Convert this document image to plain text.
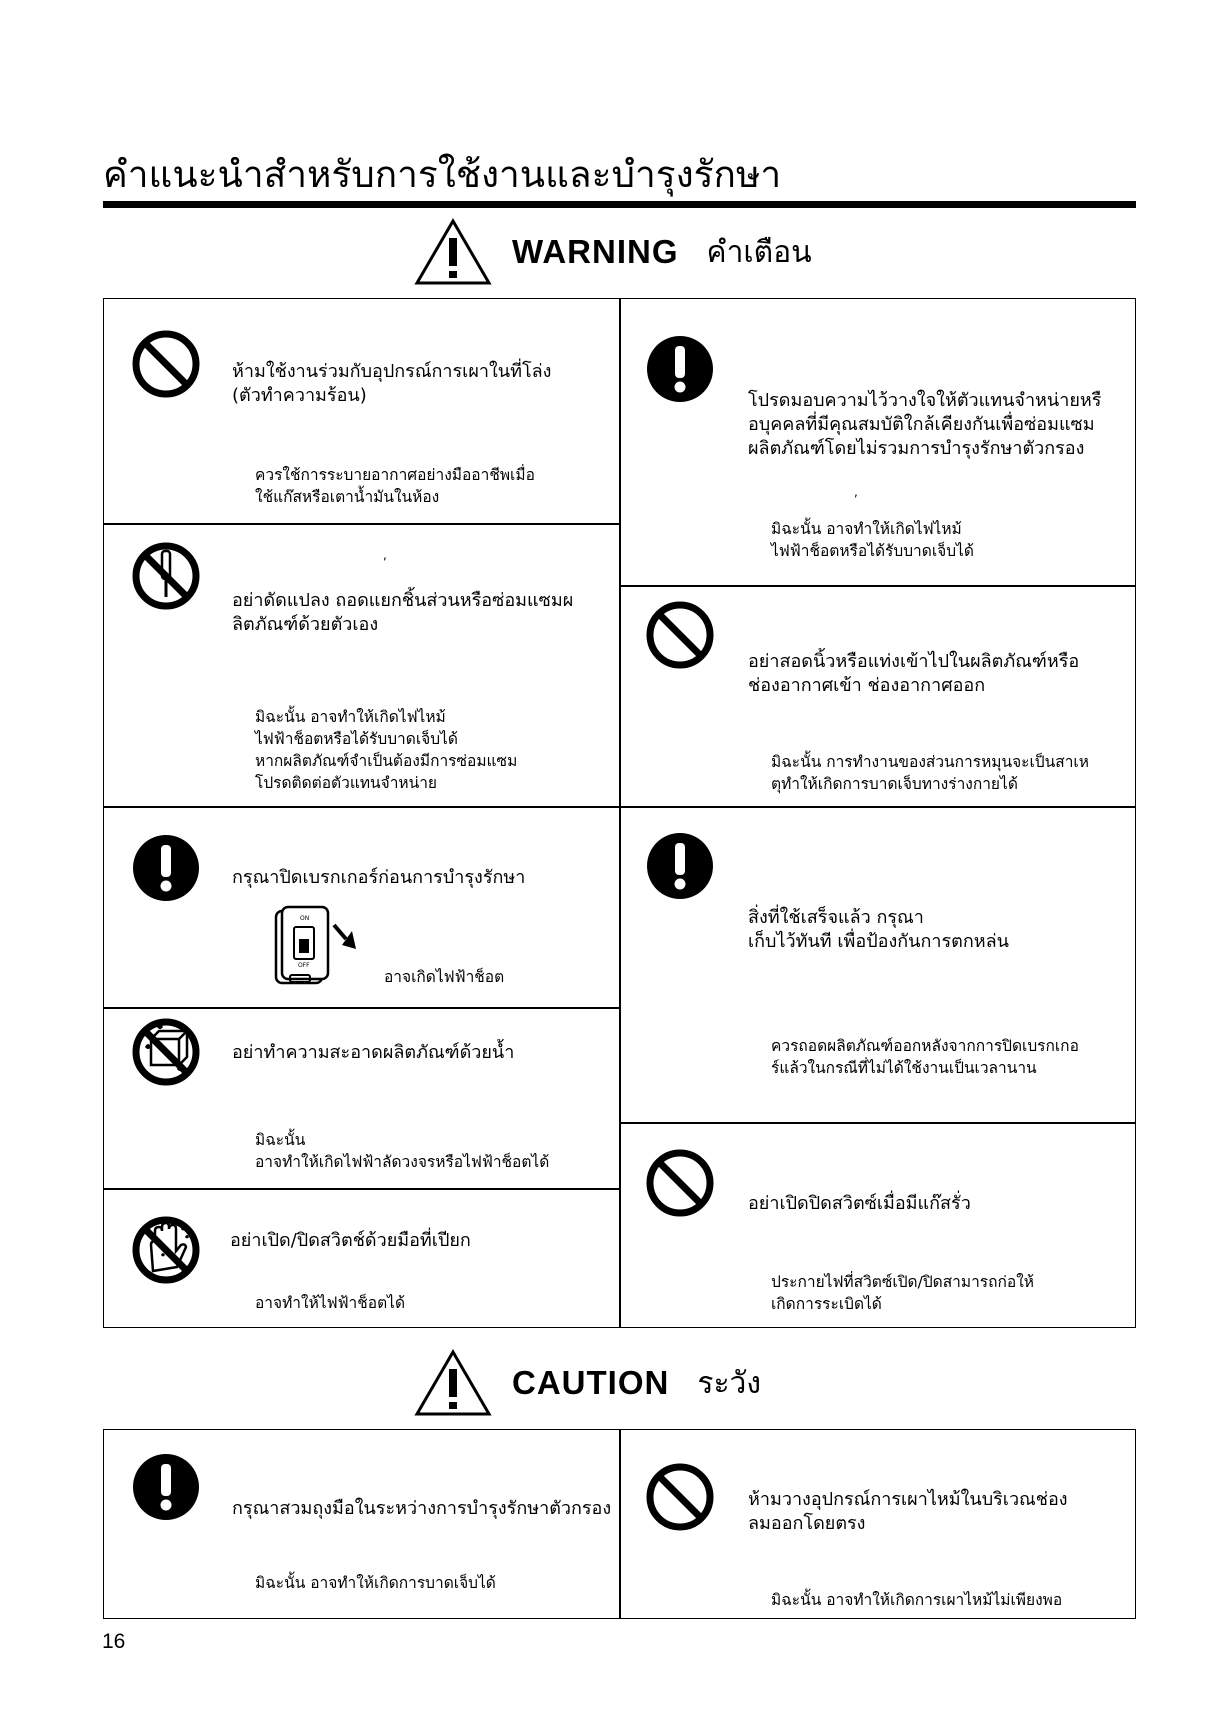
คำแนะนำสำหรับการใช้งานและบำรุงรักษา
WARNING คำเตือน
ห้ามใช้งานร่วมกับอุปกรณ์การเผาในที่โล่ง
(ตัวทำความร้อน)
ควรใช้การระบายอากาศอย่างมืออาชีพเมื่อ
ใช้แก๊สหรือเตาน้ำมันในห้อง
,
อย่าดัดแปลง ถอดแยกชิ้นส่วนหรือซ่อมแซมผ
ลิตภัณฑ์ด้วยตัวเอง
มิฉะนั้น อาจทำให้เกิดไฟไหม้
ไฟฟ้าช็อตหรือได้รับบาดเจ็บได้
หากผลิตภัณฑ์จำเป็นต้องมีการซ่อมแซม
โปรดติดต่อตัวแทนจำหน่าย
กรุณาปิดเบรกเกอร์ก่อนการบำรุงรักษา
ON
OFF
อาจเกิดไฟฟ้าช็อต
อย่าทำความสะอาดผลิตภัณฑ์ด้วยน้ำ
มิฉะนั้น
อาจทำให้เกิดไฟฟ้าลัดวงจรหรือไฟฟ้าช็อตได้
อย่าเปิด/ปิดสวิตช์ด้วยมือที่เปียก
อาจทำให้ไฟฟ้าช็อตได้
โปรดมอบความไว้วางใจให้ตัวแทนจำหน่ายหรื
อบุคคลที่มีคุณสมบัติใกล้เคียงกันเพื่อซ่อมแซม
ผลิตภัณฑ์โดยไม่รวมการบำรุงรักษาตัวกรอง
,
มิฉะนั้น อาจทำให้เกิดไฟไหม้
ไฟฟ้าช็อตหรือได้รับบาดเจ็บได้
อย่าสอดนิ้วหรือแท่งเข้าไปในผลิตภัณฑ์หรือ
ช่องอากาศเข้า ช่องอากาศออก
มิฉะนั้น การทำงานของส่วนการหมุนจะเป็นสาเห
ตุทำให้เกิดการบาดเจ็บทางร่างกายได้
สิ่งที่ใช้เสร็จแล้ว กรุณา
เก็บไว้ทันที เพื่อป้องกันการตกหล่น
ควรถอดผลิตภัณฑ์ออกหลังจากการปิดเบรกเกอ
ร์แล้วในกรณีที่ไม่ได้ใช้งานเป็นเวลานาน
อย่าเปิดปิดสวิตซ์เมื่อมีแก๊สรั่ว
ประกายไฟที่สวิตซ์เปิด/ปิดสามารถก่อให้
เกิดการระเบิดได้
CAUTION ระวัง
กรุณาสวมถุงมือในระหว่างการบำรุงรักษาตัวกรอง
มิฉะนั้น อาจทำให้เกิดการบาดเจ็บได้
ห้ามวางอุปกรณ์การเผาไหม้ในบริเวณช่อง
ลมออกโดยตรง
มิฉะนั้น อาจทำให้เกิดการเผาไหม้ไม่เพียงพอ
16
